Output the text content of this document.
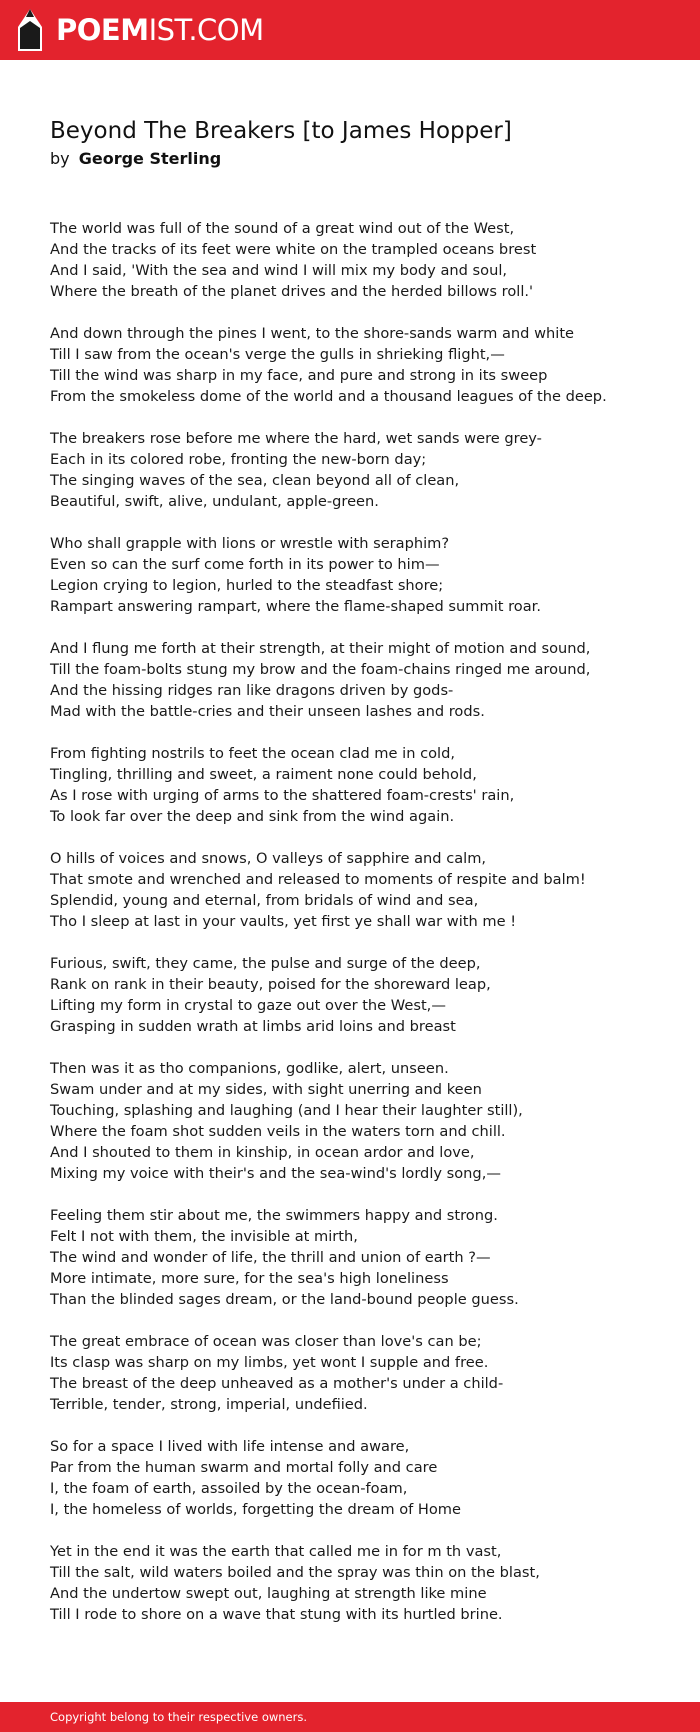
POEMIST.COM
Beyond The Breakers [to James Hopper]
by George Sterling
The world was full of the sound of a great wind out of the West,
And the tracks of its feet were white on the trampled oceans brest
And I said, 'With the sea and wind I will mix my body and soul,
Where the breath of the planet drives and the herded billows roll.'
And down through the pines I went, to the shore-sands warm and white
Till I saw from the ocean's verge the gulls in shrieking flight,—
Till the wind was sharp in my face, and pure and strong in its sweep
From the smokeless dome of the world and a thousand leagues of the deep.
The breakers rose before me where the hard, wet sands were grey-
Each in its colored robe, fronting the new-born day;
The singing waves of the sea, clean beyond all of clean,
Beautiful, swift, alive, undulant, apple-green.
Who shall grapple with lions or wrestle with seraphim?
Even so can the surf come forth in its power to him—
Legion crying to legion, hurled to the steadfast shore;
Rampart answering rampart, where the flame-shaped summit roar.
And I flung me forth at their strength, at their might of motion and sound,
Till the foam-bolts stung my brow and the foam-chains ringed me around,
And the hissing ridges ran like dragons driven by gods-
Mad with the battle-cries and their unseen lashes and rods.
From fighting nostrils to feet the ocean clad me in cold,
Tingling, thrilling and sweet, a raiment none could behold,
As I rose with urging of arms to the shattered foam-crests' rain,
To look far over the deep and sink from the wind again.
O hills of voices and snows, O valleys of sapphire and calm,
That smote and wrenched and released to moments of respite and balm!
Splendid, young and eternal, from bridals of wind and sea,
Tho I sleep at last in your vaults, yet first ye shall war with me !
Furious, swift, they came, the pulse and surge of the deep,
Rank on rank in their beauty, poised for the shoreward leap,
Lifting my form in crystal to gaze out over the West,—
Grasping in sudden wrath at limbs arid loins and breast
Then was it as tho companions, godlike, alert, unseen.
Swam under and at my sides, with sight unerring and keen
Touching, splashing and laughing (and I hear their laughter still),
Where the foam shot sudden veils in the waters torn and chill.
And I shouted to them in kinship, in ocean ardor and love,
Mixing my voice with their's and the sea-wind's lordly song,—
Feeling them stir about me, the swimmers happy and strong.
Felt I not with them, the invisible at mirth,
The wind and wonder of life, the thrill and union of earth ?—
More intimate, more sure, for the sea's high loneliness
Than the blinded sages dream, or the land-bound people guess.
The great embrace of ocean was closer than love's can be;
Its clasp was sharp on my limbs, yet wont I supple and free.
The breast of the deep unheaved as a mother's under a child-
Terrible, tender, strong, imperial, undefiied.
So for a space I lived with life intense and aware,
Par from the human swarm and mortal folly and care
I, the foam of earth, assoiled by the ocean-foam,
I, the homeless of worlds, forgetting the dream of Home
Yet in the end it was the earth that called me in for m th vast,
Till the salt, wild waters boiled and the spray was thin on the blast,
And the undertow swept out, laughing at strength like mine
Till I rode to shore on a wave that stung with its hurtled brine.
Copyright belong to their respective owners.
